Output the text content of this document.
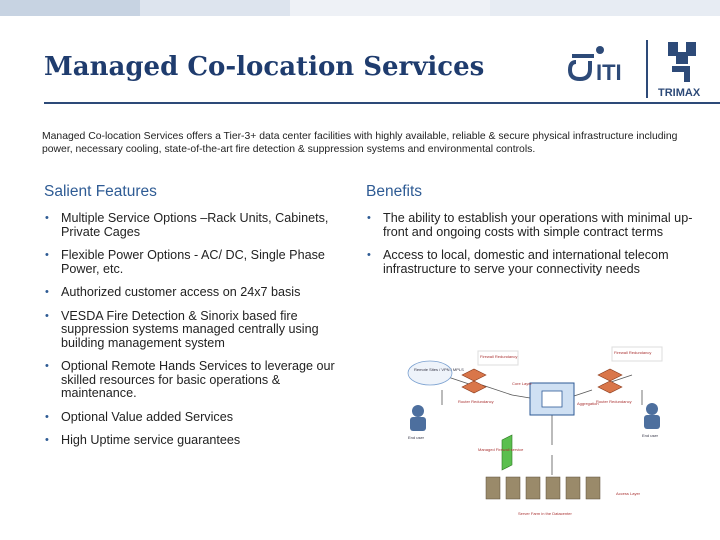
Managed Co-location Services	ITI
TRIMAX
Managed Co-location Services offers a Tier-3+ data center facilities with highly available, reliable & secure physical infrastructure including power, necessary cooling, state-of-the-art fire detection & suppression systems and environmental controls.
Salient Features	Benefits
• Multiple Service Options –Rack Units, Cabinets, Private Cages
• Flexible Power Options - AC/ DC, Single Phase Power, etc.
• Authorized customer access on 24x7 basis
• VESDA Fire Detection & Sinorix based fire suppression systems managed centrally using building management system
• Optional Remote Hands Services to leverage our skilled resources for basic operations & maintenance.
• Optional Value added Services
• High Uptime service guarantees
• The ability to establish your operations with minimal up-front and ongoing costs with simple contract terms
• Access to local, domestic and international telecom infrastructure to serve your connectivity needs
Remote Sites / VPN / MPLS
Firewall Redundancy
Firewall Redundancy
Router Redundancy	Router Redundancy
Aggregation
Core Layer
End user	End user
Managed Firewall service
Server Farm in the Datacenter
Access Layer
